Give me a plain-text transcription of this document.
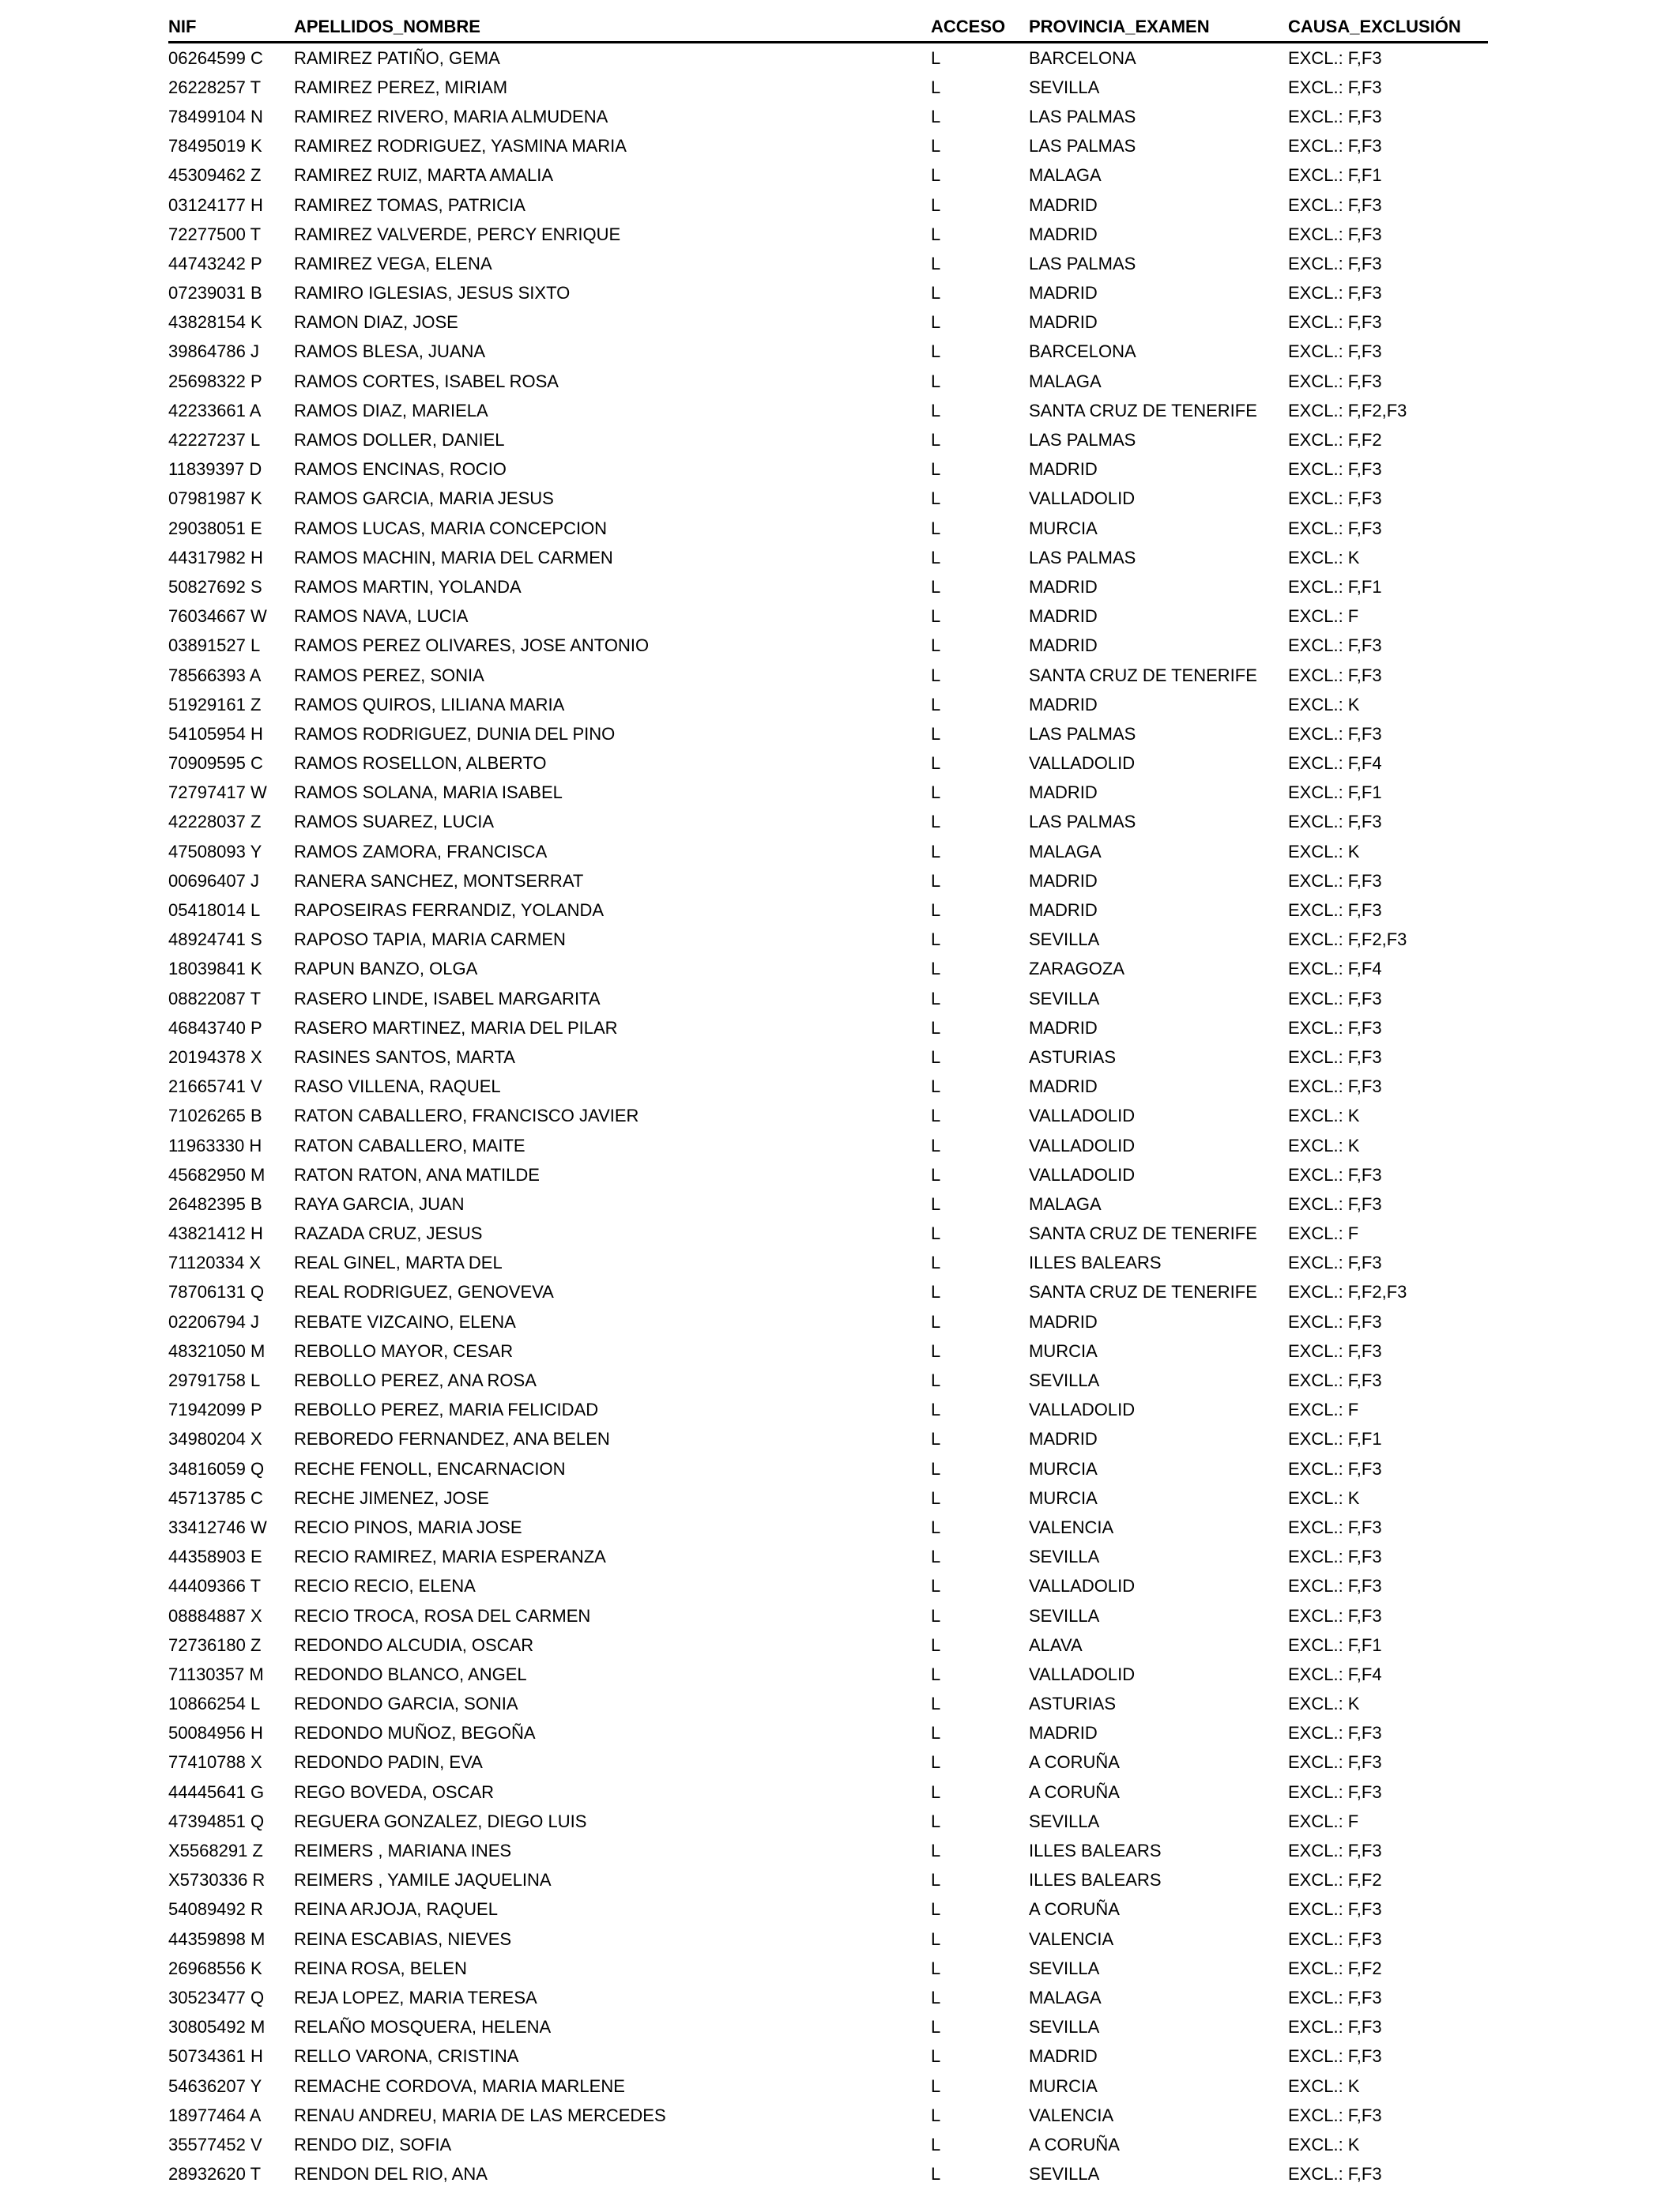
NIF	APELLIDOS_NOMBRE	ACCESO	PROVINCIA_EXAMEN	CAUSA_EXCLUSIÓN
06264599 C	RAMIREZ PATIÑO, GEMA	L	BARCELONA	EXCL.: F,F3
26228257 T	RAMIREZ PEREZ, MIRIAM	L	SEVILLA	EXCL.: F,F3
78499104 N	RAMIREZ RIVERO, MARIA ALMUDENA	L	LAS PALMAS	EXCL.: F,F3
78495019 K	RAMIREZ RODRIGUEZ, YASMINA MARIA	L	LAS PALMAS	EXCL.: F,F3
45309462 Z	RAMIREZ RUIZ, MARTA AMALIA	L	MALAGA	EXCL.: F,F1
03124177 H	RAMIREZ TOMAS, PATRICIA	L	MADRID	EXCL.: F,F3
72277500 T	RAMIREZ VALVERDE, PERCY ENRIQUE	L	MADRID	EXCL.: F,F3
44743242 P	RAMIREZ VEGA, ELENA	L	LAS PALMAS	EXCL.: F,F3
07239031 B	RAMIRO IGLESIAS, JESUS SIXTO	L	MADRID	EXCL.: F,F3
43828154 K	RAMON DIAZ, JOSE	L	MADRID	EXCL.: F,F3
39864786 J	RAMOS BLESA, JUANA	L	BARCELONA	EXCL.: F,F3
25698322 P	RAMOS CORTES, ISABEL ROSA	L	MALAGA	EXCL.: F,F3
42233661 A	RAMOS DIAZ, MARIELA	L	SANTA CRUZ DE TENERIFE	EXCL.: F,F2,F3
42227237 L	RAMOS DOLLER, DANIEL	L	LAS PALMAS	EXCL.: F,F2
11839397 D	RAMOS ENCINAS, ROCIO	L	MADRID	EXCL.: F,F3
07981987 K	RAMOS GARCIA, MARIA JESUS	L	VALLADOLID	EXCL.: F,F3
29038051 E	RAMOS LUCAS, MARIA CONCEPCION	L	MURCIA	EXCL.: F,F3
44317982 H	RAMOS MACHIN, MARIA DEL CARMEN	L	LAS PALMAS	EXCL.: K
50827692 S	RAMOS MARTIN, YOLANDA	L	MADRID	EXCL.: F,F1
76034667 W	RAMOS NAVA, LUCIA	L	MADRID	EXCL.: F
03891527 L	RAMOS PEREZ OLIVARES, JOSE ANTONIO	L	MADRID	EXCL.: F,F3
78566393 A	RAMOS PEREZ, SONIA	L	SANTA CRUZ DE TENERIFE	EXCL.: F,F3
51929161 Z	RAMOS QUIROS, LILIANA MARIA	L	MADRID	EXCL.: K
54105954 H	RAMOS RODRIGUEZ, DUNIA DEL PINO	L	LAS PALMAS	EXCL.: F,F3
70909595 C	RAMOS ROSELLON, ALBERTO	L	VALLADOLID	EXCL.: F,F4
72797417 W	RAMOS SOLANA, MARIA ISABEL	L	MADRID	EXCL.: F,F1
42228037 Z	RAMOS SUAREZ, LUCIA	L	LAS PALMAS	EXCL.: F,F3
47508093 Y	RAMOS ZAMORA, FRANCISCA	L	MALAGA	EXCL.: K
00696407 J	RANERA SANCHEZ, MONTSERRAT	L	MADRID	EXCL.: F,F3
05418014 L	RAPOSEIRAS FERRANDIZ, YOLANDA	L	MADRID	EXCL.: F,F3
48924741 S	RAPOSO TAPIA, MARIA CARMEN	L	SEVILLA	EXCL.: F,F2,F3
18039841 K	RAPUN BANZO, OLGA	L	ZARAGOZA	EXCL.: F,F4
08822087 T	RASERO LINDE, ISABEL MARGARITA	L	SEVILLA	EXCL.: F,F3
46843740 P	RASERO MARTINEZ, MARIA DEL PILAR	L	MADRID	EXCL.: F,F3
20194378 X	RASINES SANTOS, MARTA	L	ASTURIAS	EXCL.: F,F3
21665741 V	RASO VILLENA, RAQUEL	L	MADRID	EXCL.: F,F3
71026265 B	RATON CABALLERO, FRANCISCO JAVIER	L	VALLADOLID	EXCL.: K
11963330 H	RATON CABALLERO, MAITE	L	VALLADOLID	EXCL.: K
45682950 M	RATON RATON, ANA MATILDE	L	VALLADOLID	EXCL.: F,F3
26482395 B	RAYA GARCIA, JUAN	L	MALAGA	EXCL.: F,F3
43821412 H	RAZADA CRUZ, JESUS	L	SANTA CRUZ DE TENERIFE	EXCL.: F
71120334 X	REAL GINEL, MARTA DEL	L	ILLES BALEARS	EXCL.: F,F3
78706131 Q	REAL RODRIGUEZ, GENOVEVA	L	SANTA CRUZ DE TENERIFE	EXCL.: F,F2,F3
02206794 J	REBATE VIZCAINO, ELENA	L	MADRID	EXCL.: F,F3
48321050 M	REBOLLO MAYOR, CESAR	L	MURCIA	EXCL.: F,F3
29791758 L	REBOLLO PEREZ, ANA ROSA	L	SEVILLA	EXCL.: F,F3
71942099 P	REBOLLO PEREZ, MARIA FELICIDAD	L	VALLADOLID	EXCL.: F
34980204 X	REBOREDO FERNANDEZ, ANA BELEN	L	MADRID	EXCL.: F,F1
34816059 Q	RECHE FENOLL, ENCARNACION	L	MURCIA	EXCL.: F,F3
45713785 C	RECHE JIMENEZ, JOSE	L	MURCIA	EXCL.: K
33412746 W	RECIO PINOS, MARIA JOSE	L	VALENCIA	EXCL.: F,F3
44358903 E	RECIO RAMIREZ, MARIA ESPERANZA	L	SEVILLA	EXCL.: F,F3
44409366 T	RECIO RECIO, ELENA	L	VALLADOLID	EXCL.: F,F3
08884887 X	RECIO TROCA, ROSA DEL CARMEN	L	SEVILLA	EXCL.: F,F3
72736180 Z	REDONDO ALCUDIA, OSCAR	L	ALAVA	EXCL.: F,F1
71130357 M	REDONDO BLANCO, ANGEL	L	VALLADOLID	EXCL.: F,F4
10866254 L	REDONDO GARCIA, SONIA	L	ASTURIAS	EXCL.: K
50084956 H	REDONDO MUÑOZ, BEGOÑA	L	MADRID	EXCL.: F,F3
77410788 X	REDONDO PADIN, EVA	L	A CORUÑA	EXCL.: F,F3
44445641 G	REGO BOVEDA, OSCAR	L	A CORUÑA	EXCL.: F,F3
47394851 Q	REGUERA GONZALEZ, DIEGO LUIS	L	SEVILLA	EXCL.: F
X5568291 Z	REIMERS , MARIANA INES	L	ILLES BALEARS	EXCL.: F,F3
X5730336 R	REIMERS , YAMILE JAQUELINA	L	ILLES BALEARS	EXCL.: F,F2
54089492 R	REINA ARJOJA, RAQUEL	L	A CORUÑA	EXCL.: F,F3
44359898 M	REINA ESCABIAS, NIEVES	L	VALENCIA	EXCL.: F,F3
26968556 K	REINA ROSA, BELEN	L	SEVILLA	EXCL.: F,F2
30523477 Q	REJA LOPEZ, MARIA TERESA	L	MALAGA	EXCL.: F,F3
30805492 M	RELAÑO MOSQUERA, HELENA	L	SEVILLA	EXCL.: F,F3
50734361 H	RELLO VARONA, CRISTINA	L	MADRID	EXCL.: F,F3
54636207 Y	REMACHE CORDOVA, MARIA MARLENE	L	MURCIA	EXCL.: K
18977464 A	RENAU ANDREU, MARIA DE LAS MERCEDES	L	VALENCIA	EXCL.: F,F3
35577452 V	RENDO DIZ, SOFIA	L	A CORUÑA	EXCL.: K
28932620 T	RENDON DEL RIO, ANA	L	SEVILLA	EXCL.: F,F3
